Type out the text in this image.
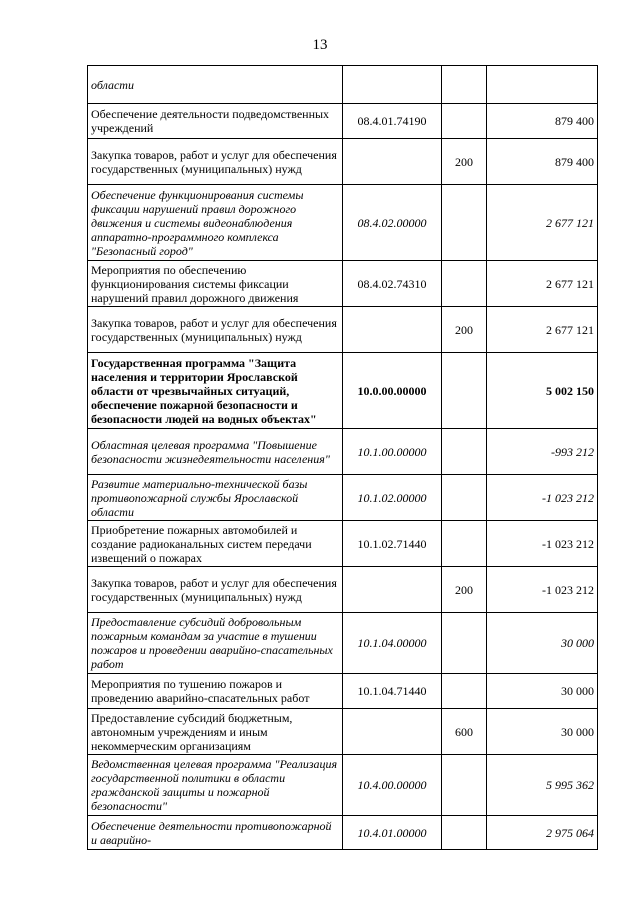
13
области			
Обеспечение деятельности подведомственных учреждений	08.4.01.74190		879 400
Закупка товаров, работ и услуг для обеспечения государственных (муниципальных) нужд		200	879 400
Обеспечение функционирования системы фиксации нарушений правил дорожного движения и системы видеонаблюдения аппаратно-программного комплекса "Безопасный город"	08.4.02.00000		2 677 121
Мероприятия по обеспечению функционирования системы фиксации нарушений правил дорожного движения	08.4.02.74310		2 677 121
Закупка товаров, работ и услуг для обеспечения государственных (муниципальных) нужд		200	2 677 121
Государственная программа "Защита населения и территории Ярославской области от чрезвычайных ситуаций, обеспечение пожарной безопасности и безопасности людей на водных объектах"	10.0.00.00000		5 002 150
Областная целевая программа "Повышение безопасности жизнедеятельности населения"	10.1.00.00000		-993 212
Развитие материально-технической базы противопожарной службы Ярославской области	10.1.02.00000		-1 023 212
Приобретение пожарных автомобилей и создание радиоканальных систем передачи извещений о пожарах	10.1.02.71440		-1 023 212
Закупка товаров, работ и услуг для обеспечения государственных (муниципальных) нужд		200	-1 023 212
Предоставление субсидий добровольным пожарным командам за участие в тушении пожаров и проведении аварийно-спасательных работ	10.1.04.00000		30 000
Мероприятия по тушению пожаров и проведению аварийно-спасательных работ	10.1.04.71440		30 000
Предоставление субсидий бюджетным, автономным учреждениям и иным некоммерческим организациям		600	30 000
Ведомственная целевая программа "Реализация государственной политики в области гражданской защиты и пожарной безопасности"	10.4.00.00000		5 995 362
Обеспечение деятельности противопожарной и аварийно-	10.4.01.00000		2 975 064
